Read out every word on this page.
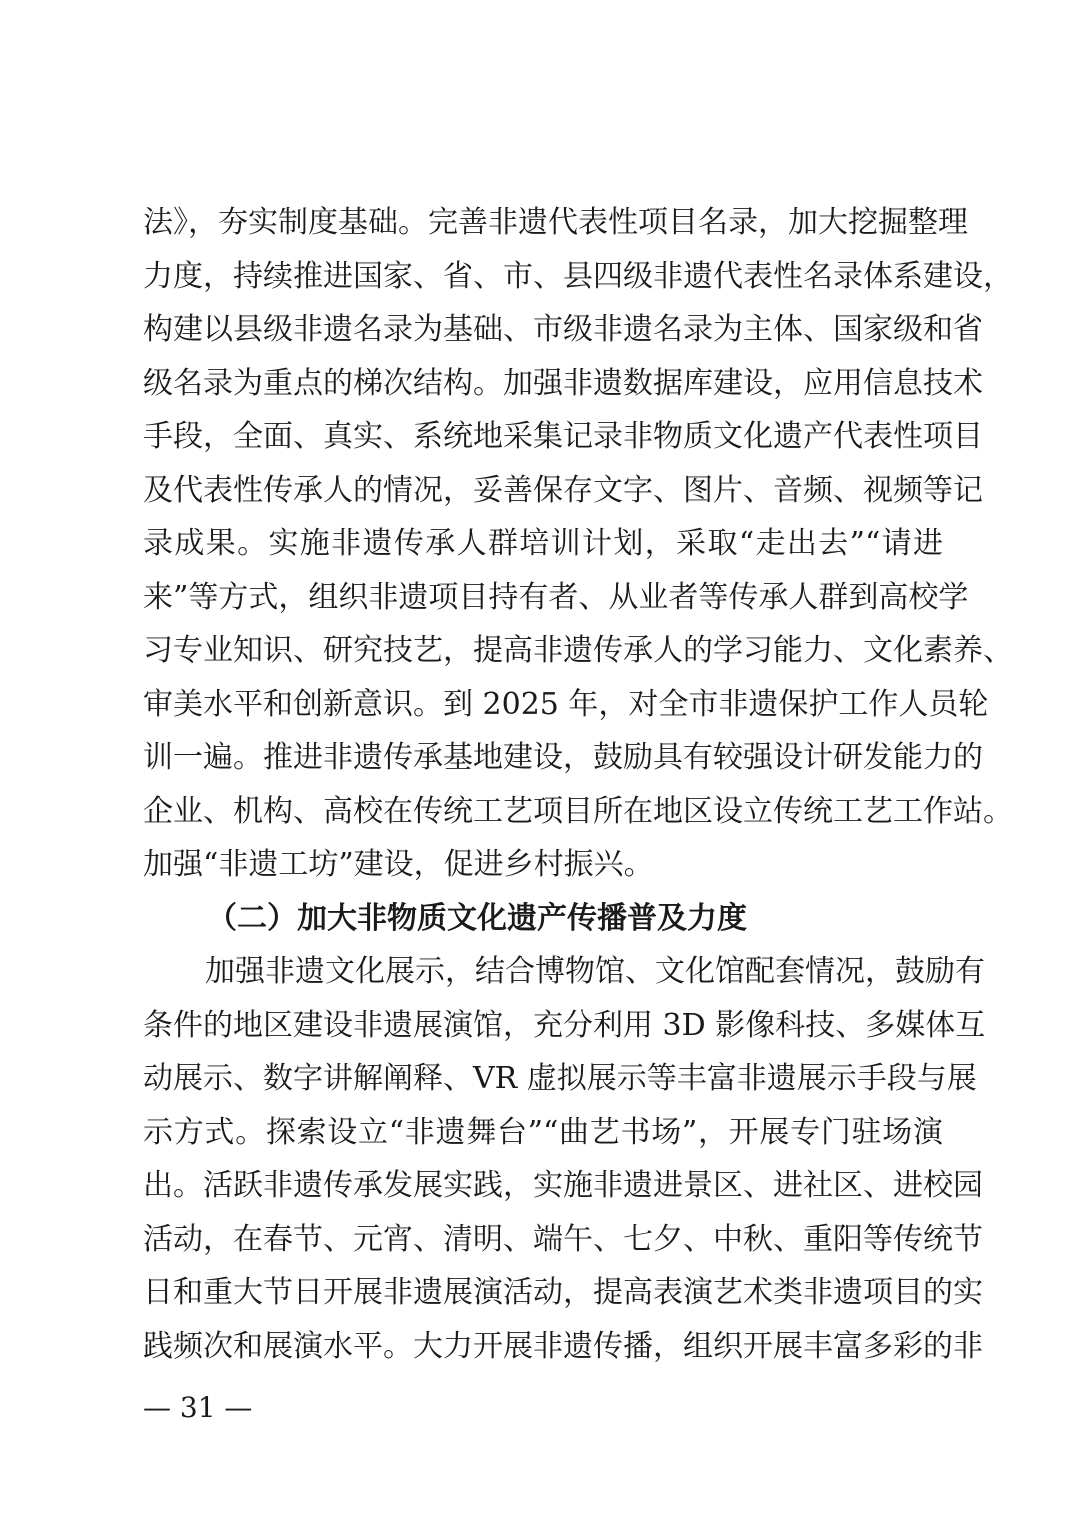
法》，夯实制度基础。完善非遗代表性项目名录，加大挖掘整理
力度，持续推进国家、省、市、县四级非遗代表性名录体系建设，
构建以县级非遗名录为基础、市级非遗名录为主体、国家级和省
级名录为重点的梯次结构。加强非遗数据库建设，应用信息技术
手段，全面、真实、系统地采集记录非物质文化遗产代表性项目
及代表性传承人的情况，妥善保存文字、图片、音频、视频等记
录成果。实施非遗传承人群培训计划，采取“走出去”“请进
来”等方式，组织非遗项目持有者、从业者等传承人群到高校学
习专业知识、研究技艺，提高非遗传承人的学习能力、文化素养、
审美水平和创新意识。到 2025 年，对全市非遗保护工作人员轮
训一遍。推进非遗传承基地建设，鼓励具有较强设计研发能力的
企业、机构、高校在传统工艺项目所在地区设立传统工艺工作站。
加强“非遗工坊”建设，促进乡村振兴。
（二）加大非物质文化遗产传播普及力度
加强非遗文化展示，结合博物馆、文化馆配套情况，鼓励有
条件的地区建设非遗展演馆，充分利用 3D 影像科技、多媒体互
动展示、数字讲解阐释、VR 虚拟展示等丰富非遗展示手段与展
示方式。探索设立“非遗舞台”“曲艺书场”，开展专门驻场演
出。活跃非遗传承发展实践，实施非遗进景区、进社区、进校园
活动，在春节、元宵、清明、端午、七夕、中秋、重阳等传统节
日和重大节日开展非遗展演活动，提高表演艺术类非遗项目的实
践频次和展演水平。大力开展非遗传播，组织开展丰富多彩的非
— 31 —
